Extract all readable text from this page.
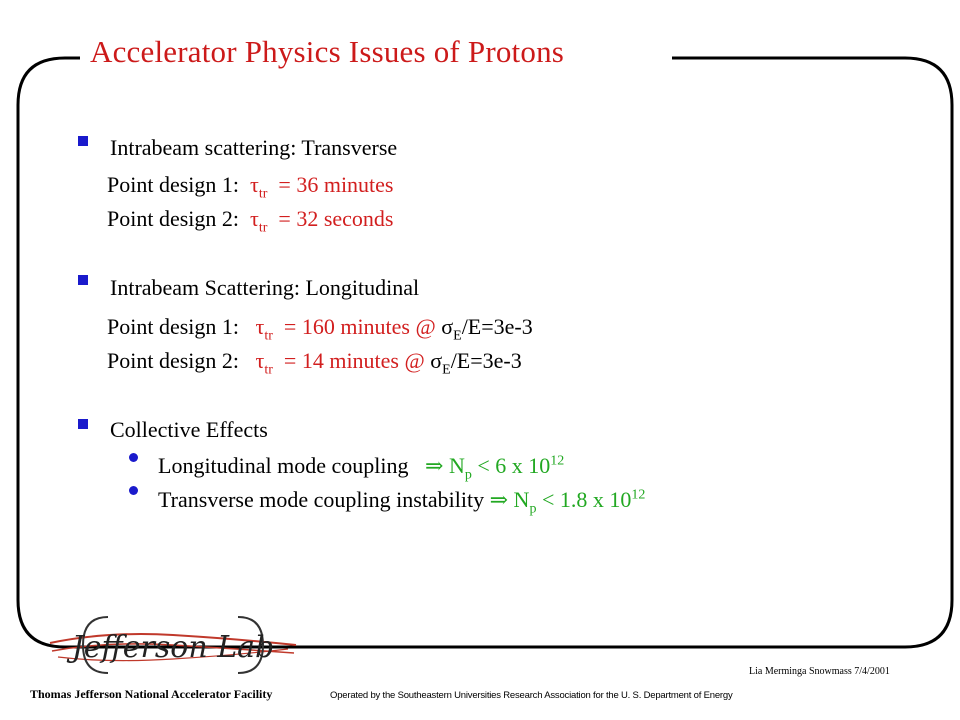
Accelerator Physics Issues of Protons
Intrabeam scattering: Transverse
Point design 1: $\tau_{tr} = 36$ minutes
Point design 2: $\tau_{tr} = 32$ seconds
Intrabeam Scattering: Longitudinal
Point design 1: $\tau_{tr} = 160$ minutes @ $\sigma_E/E=3e-3$
Point design 2: $\tau_{tr} = 14$ minutes @ $\sigma_E/E=3e-3$
Collective Effects
Longitudinal mode coupling ⇒ $N_p < 6$ x $10^{12}$
Transverse mode coupling instability ⇒ $N_p < 1.8$ x $10^{12}$
Jefferson Lab
Lia Merminga Snowmass 7/4/2001
Thomas Jefferson National Accelerator Facility	Operated by the Southeastern Universities Research Association for the U. S. Department of Energy
